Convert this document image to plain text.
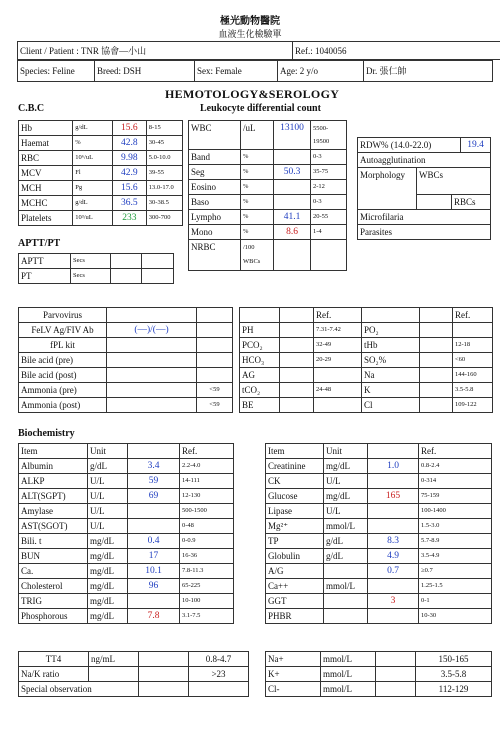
極光動物醫院
血液生化檢驗單
Client / Patient : TNR 協會—小山	Ref.: 1040056	
Species: Feline	Breed: DSH	Sex: Female	Age: 2 y/o	Dr. 張仁帥
HEMOTOLOGY&SEROLOGY
C.B.C
Hb	g/dL	15.6	8-15
Haemat	%	42.8	30-45
RBC	10⁶/uL	9.98	5.0-10.0
MCV	Fl	42.9	39-55
MCH	Pg	15.6	13.0-17.0
MCHC	g/dL	36.5	30-38.5
Platelets	10³/uL	233	300-700
Leukocyte differential count
WBC	/uL	13100	5500-
19500
Band	%		0-3
Seg	%	50.3	35-75
Eosino	%		2-12
Baso	%		0-3
Lympho	%	41.1	20-55
Mono	%	8.6	1-4
NRBC	/100
WBCs		
RDW% (14.0-22.0)	19.4
Autoagglutination		
Morphology	WBCs	
		RBCs
Microfilaria		
Parasites		
APTT/PT
APTT	Secs		
PT	Secs		
Parvovirus		
FeLV Ag/FIV Ab	(—)/(—)	
fPL kit		
Bile acid (pre)		
Bile acid (post)		
Ammonia (pre)		<59
Ammonia (post)		<59
		Ref.			Ref.
PH		7.31-7.42	PO₂		
PCO₂		32-49	tHb		12-18
HCO₃		20-29	SO₂%		<60
AG			Na		144-160
tCO₂		24-48	K		3.5-5.8
BE			Cl		109-122
Biochemistry
Item	Unit		Ref.
Albumin	g/dL	3.4	2.2-4.0
ALKP	U/L	59	14-111
ALT(SGPT)	U/L	69	12-130
Amylase	U/L		500-1500
AST(SGOT)	U/L		0-48
Bili. t	mg/dL	0.4	0-0.9
BUN	mg/dL	17	16-36
Ca.	mg/dL	10.1	7.8-11.3
Cholesterol	mg/dL	96	65-225
TRIG	mg/dL		10-100
Phosphorous	mg/dL	7.8	3.1-7.5
Item	Unit		Ref.
Creatinine	mg/dL	1.0	0.8-2.4
CK	U/L		0-314
Glucose	mg/dL	165	75-159
Lipase	U/L		100-1400
Mg²⁺	mmol/L		1.5-3.0
TP	g/dL	8.3	5.7-8.9
Globulin	g/dL	4.9	3.5-4.9
A/G		0.7	≥0.7
Ca++	mmol/L		1.25-1.5
GGT		3	0-1
PHBR			10-30
TT4	ng/mL		0.8-4.7
Na/K ratio			>23
Special observation			
Na+	mmol/L		150-165
K+	mmol/L		3.5-5.8
Cl-	mmol/L		112-129
